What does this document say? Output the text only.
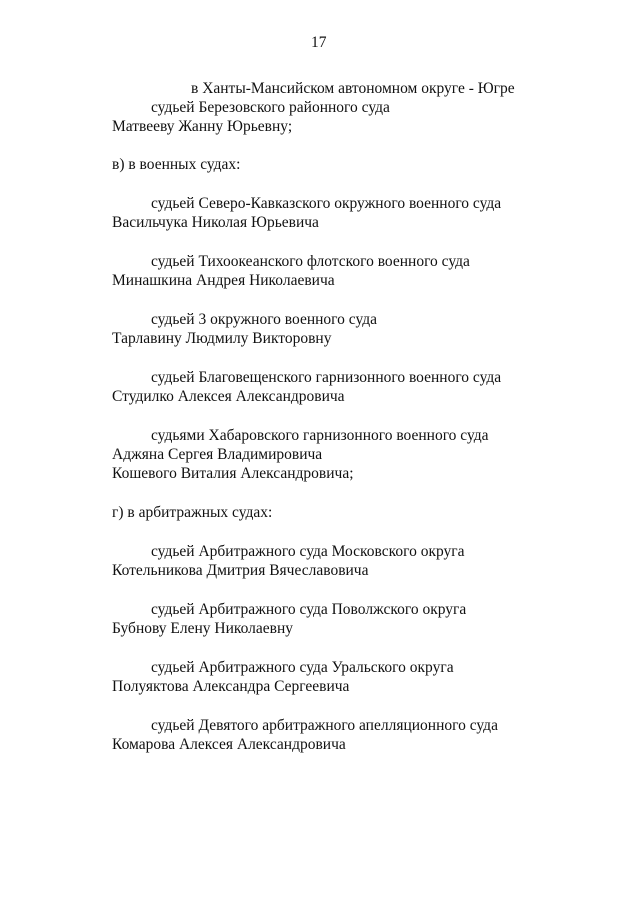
17
в Ханты-Мансийском автономном округе - Югре
судьей Березовского районного суда
Матвееву Жанну Юрьевну;
в) в военных судах:
судьей Северо-Кавказского окружного военного суда
Васильчука Николая Юрьевича
судьей Тихоокеанского флотского военного суда
Минашкина Андрея Николаевича
судьей 3 окружного военного суда
Тарлавину Людмилу Викторовну
судьей Благовещенского гарнизонного военного суда
Студилко Алексея Александровича
судьями Хабаровского гарнизонного военного суда
Аджяна Сергея Владимировича
Кошевого Виталия Александровича;
г) в арбитражных судах:
судьей Арбитражного суда Московского округа
Котельникова Дмитрия Вячеславовича
судьей Арбитражного суда Поволжского округа
Бубнову Елену Николаевну
судьей Арбитражного суда Уральского округа
Полуяктова Александра Сергеевича
судьей Девятого арбитражного апелляционного суда
Комарова Алексея Александровича
